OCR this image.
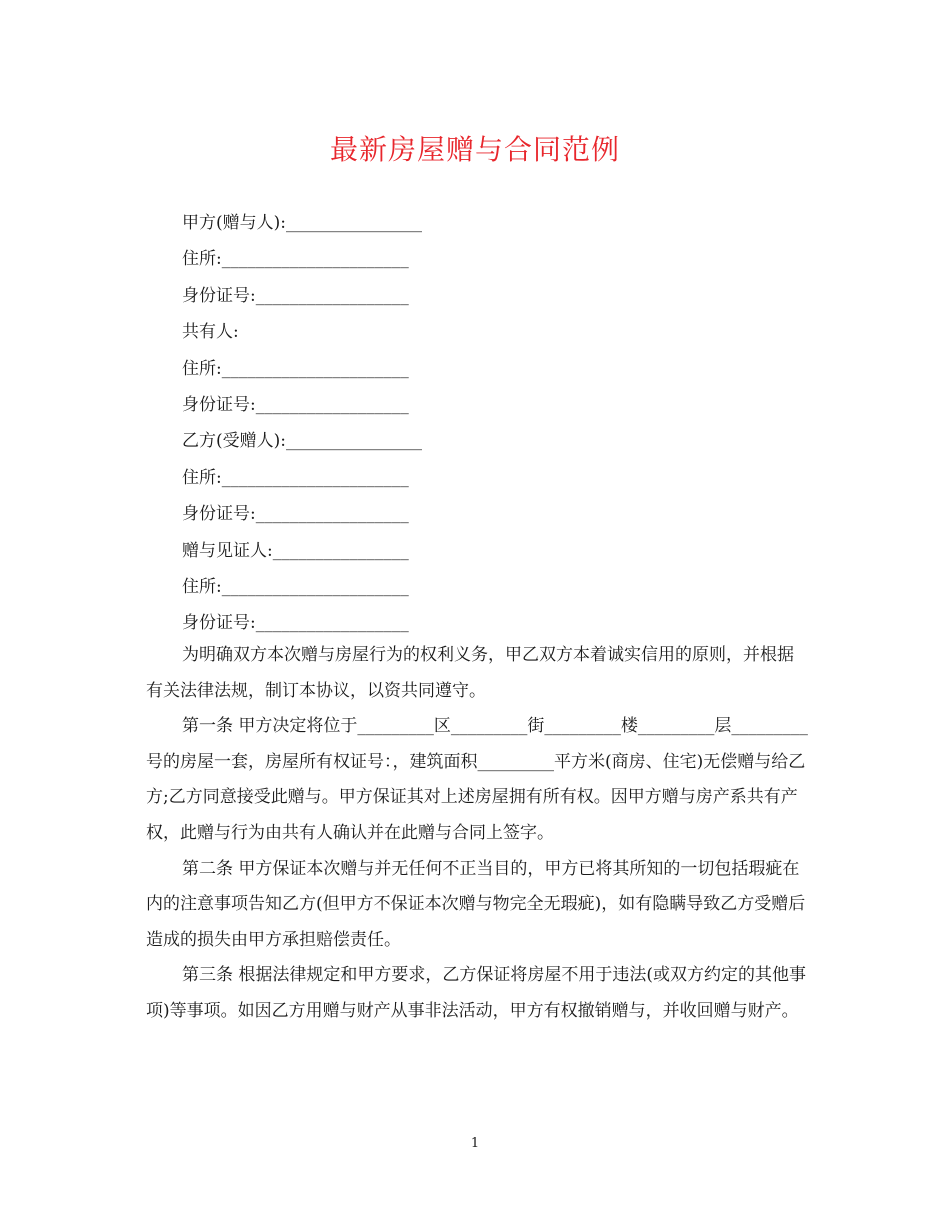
最新房屋赠与合同范例
甲方(赠与人):________________
住所:______________________
身份证号:__________________
共有人:
住所:______________________
身份证号:__________________
乙方(受赠人):________________
住所:______________________
身份证号:__________________
赠与见证人:________________
住所:______________________
身份证号:__________________

为明确双方本次赠与房屋行为的权利义务，甲乙双方本着诚实信用的原则，并根据有关法律法规，制订本协议，以资共同遵守。

第一条 甲方决定将位于_________区_________街_________楼_________层_________号的房屋一套，房屋所有权证号：，建筑面积_________平方米(商房、住宅)无偿赠与给乙方;乙方同意接受此赠与。甲方保证其对上述房屋拥有所有权。因甲方赠与房产系共有产权，此赠与行为由共有人确认并在此赠与合同上签字。

第二条 甲方保证本次赠与并无任何不正当目的，甲方已将其所知的一切包括瑕疵在内的注意事项告知乙方(但甲方不保证本次赠与物完全无瑕疵)，如有隐瞒导致乙方受赠后造成的损失由甲方承担赔偿责任。

第三条 根据法律规定和甲方要求，乙方保证将房屋不用于违法(或双方约定的其他事项)等事项。如因乙方用赠与财产从事非法活动，甲方有权撤销赠与，并收回赠与财产。

1
